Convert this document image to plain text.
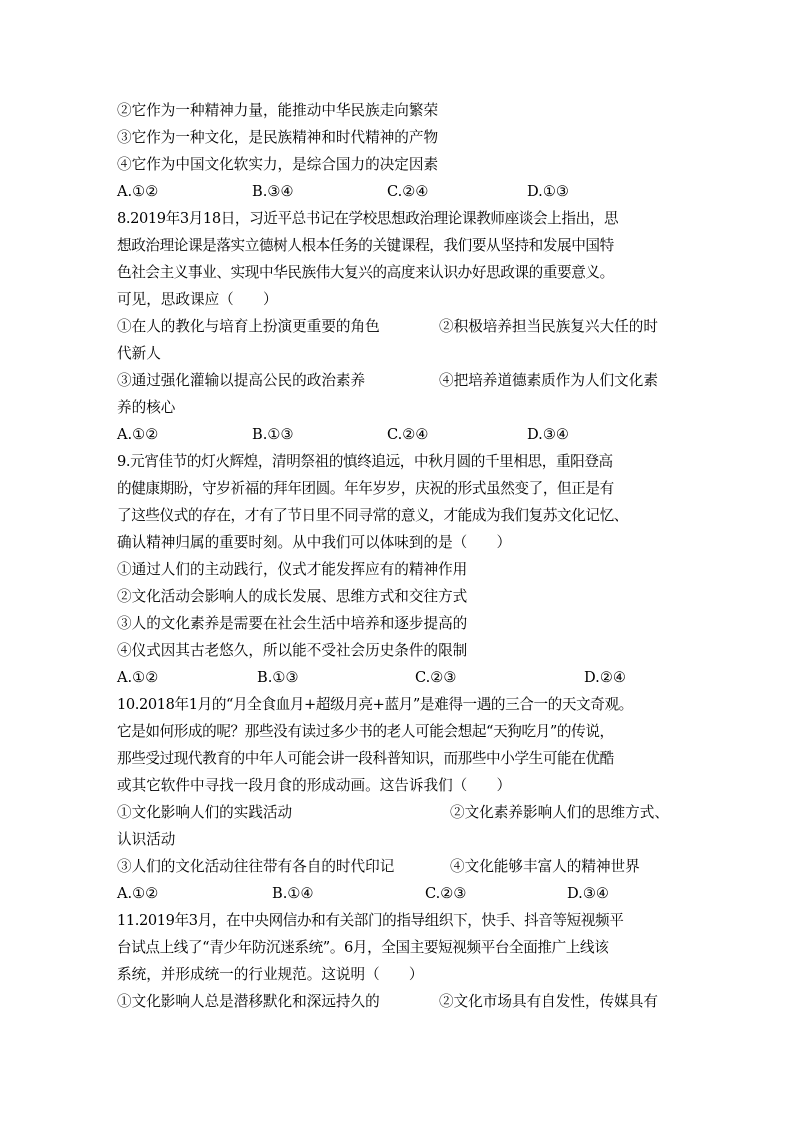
②它作为一种精神力量，能推动中华民族走向繁荣
③它作为一种文化，是民族精神和时代精神的产物
④它作为中国文化软实力，是综合国力的决定因素
A.①②	B.③④	C.②④	D.①③
8.2019年3月18日，习近平总书记在学校思想政治理论课教师座谈会上指出，思
想政治理论课是落实立德树人根本任务的关键课程，我们要从坚持和发展中国特
色社会主义事业、实现中华民族伟大复兴的高度来认识办好思政课的重要意义。
可见，思政课应（　　）
①在人的教化与培育上扮演更重要的角色	②积极培养担当民族复兴大任的时
代新人
③通过强化灌输以提高公民的政治素养	④把培养道德素质作为人们文化素
养的核心
A.①②	B.①③	C.②④	D.③④
9.元宵佳节的灯火辉煌，清明祭祖的慎终追远，中秋月圆的千里相思，重阳登高
的健康期盼，守岁祈福的拜年团圆。年年岁岁，庆祝的形式虽然变了，但正是有
了这些仪式的存在，才有了节日里不同寻常的意义，才能成为我们复苏文化记忆、
确认精神归属的重要时刻。从中我们可以体味到的是（　　）
①通过人们的主动践行，仪式才能发挥应有的精神作用
②文化活动会影响人的成长发展、思维方式和交往方式
③人的文化素养是需要在社会生活中培养和逐步提高的
④仪式因其古老悠久，所以能不受社会历史条件的限制
A.①②	B.①③	C.②③	D.②④
10.2018年1月的“月全食血月+超级月亮+蓝月”是难得一遇的三合一的天文奇观。
它是如何形成的呢？那些没有读过多少书的老人可能会想起“天狗吃月”的传说，
那些受过现代教育的中年人可能会讲一段科普知识，而那些中小学生可能在优酷
或其它软件中寻找一段月食的形成动画。这告诉我们（　　）
①文化影响人们的实践活动	②文化素养影响人们的思维方式、
认识活动
③人们的文化活动往往带有各自的时代印记	④文化能够丰富人的精神世界
A.①②	B.①④	C.②③	D.③④
11.2019年3月，在中央网信办和有关部门的指导组织下，快手、抖音等短视频平
台试点上线了“青少年防沉迷系统”。6月，全国主要短视频平台全面推广上线该
系统，并形成统一的行业规范。这说明（　　）
①文化影响人总是潜移默化和深远持久的	②文化市场具有自发性，传媒具有
